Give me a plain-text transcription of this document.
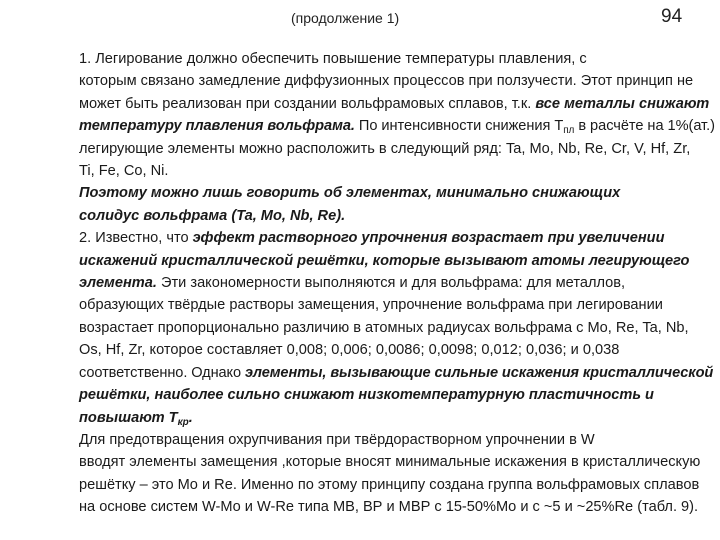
(продолжение 1)	94

1. Легирование должно обеспечить повышение температуры плавления, с
которым связано замедление диффузионных процессов при ползучести. Этот принцип не
может быть реализован при создании вольфрамовых сплавов, т.к. все металлы снижают
температуру плавления вольфрама. По интенсивности снижения $T_{пл}$ в расчёте на 1%(ат.)
легирующие элементы можно расположить в следующий ряд: Ta, Mo, Nb, Re, Cr, V, Hf, Zr,
Ti, Fe, Co, Ni.

Поэтому можно лишь говорить об элементах, минимально снижающих
солидус вольфрама (Ta, Mo, Nb, Re).

2. Известно, что эффект растворного упрочнения возрастает при увеличении
искажений кристаллической решётки, которые вызывают атомы легирующего
элемента. Эти закономерности выполняются и для вольфрама: для металлов,
образующих твёрдые растворы замещения, упрочнение вольфрама при легировании
возрастает пропорционально различию в атомных радиусах вольфрама с Mo, Re, Ta, Nb,
Os, Hf, Zr, которое составляет 0,008; 0,006; 0,0086; 0,0098; 0,012; 0,036; и 0,038
соответственно. Однако элементы, вызывающие сильные искажения кристаллической
решётки, наиболее сильно снижают низкотемпературную пластичность и
повышают $T_{кр}$.

Для предотвращения охрупчивания при твёрдорастворном упрочнении в W
вводят элементы замещения ,которые вносят минимальные искажения в кристаллическую
решётку – это Mo и Re. Именно по этому принципу создана группа вольфрамовых сплавов
на основе систем W-Mo и W-Re типа МВ, ВР и МВР с 15-50%Mo и с ~5 и ~25%Re (табл. 9).
